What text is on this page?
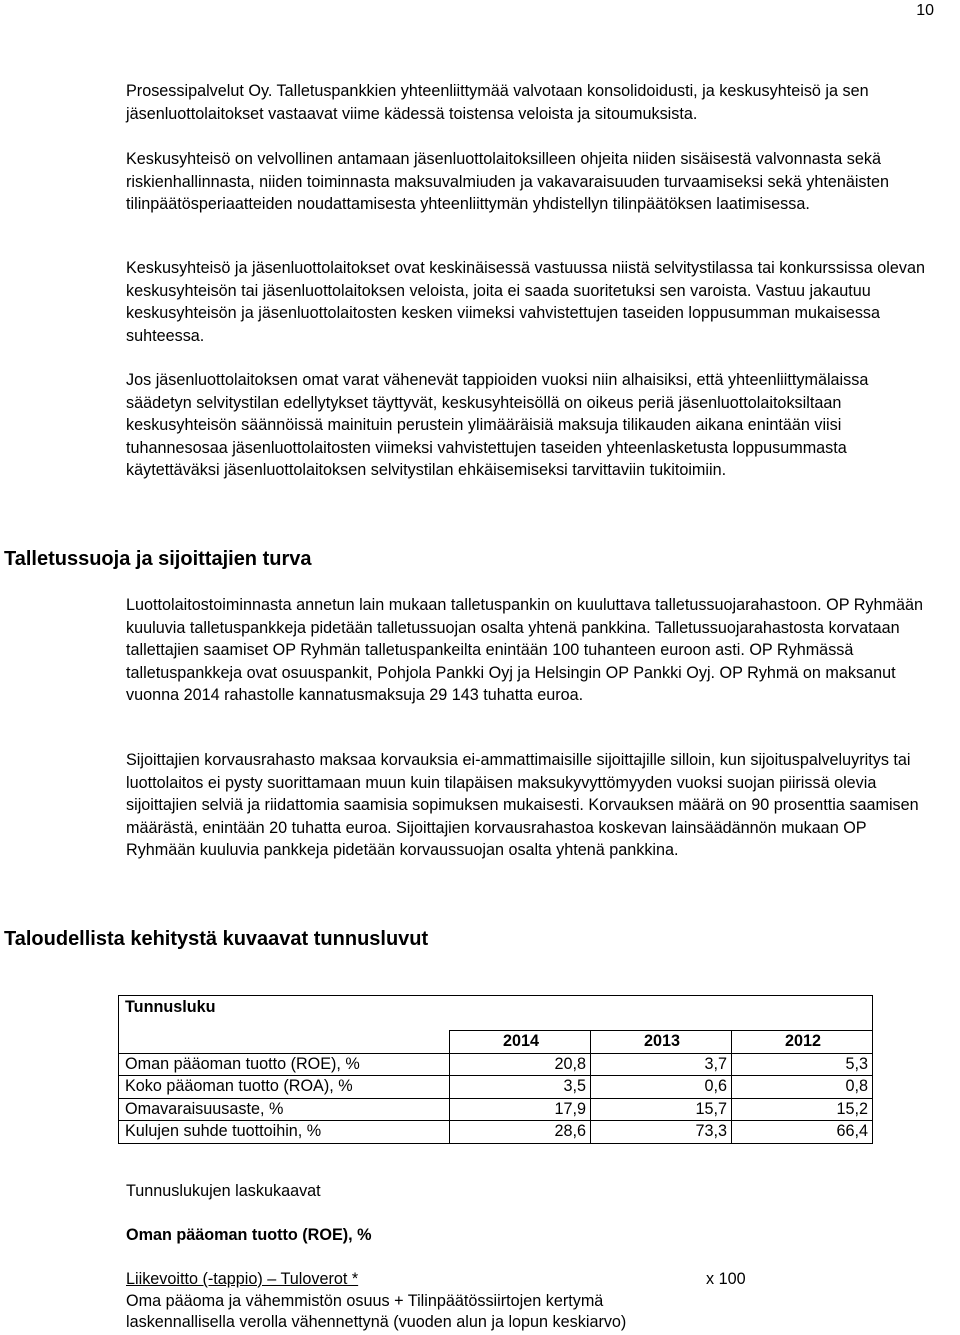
10

Prosessipalvelut Oy. Talletuspankkien yhteenliittymää valvotaan konsolidoidusti, ja keskusyhteisö ja sen jäsenluottolaitokset vastaavat viime kädessä toistensa veloista ja sitoumuksista.

Keskusyhteisö on velvollinen antamaan jäsenluottolaitoksilleen ohjeita niiden sisäisestä valvonnasta sekä riskienhallinnasta, niiden toiminnasta maksuvalmiuden ja vakavaraisuuden turvaamiseksi sekä yhtenäisten tilinpäätösperiaatteiden noudattamisesta yhteenliittymän yhdistellyn tilinpäätöksen laatimisessa.

Keskusyhteisö ja jäsenluottolaitokset ovat keskinäisessä vastuussa niistä selvitystilassa tai konkurssissa olevan keskusyhteisön tai jäsenluottolaitoksen veloista, joita ei saada suoritetuksi sen varoista. Vastuu jakautuu keskusyhteisön ja jäsenluottolaitosten kesken viimeksi vahvistettujen taseiden loppusumman mukaisessa suhteessa.

Jos jäsenluottolaitoksen omat varat vähenevät tappioiden vuoksi niin alhaisiksi, että yhteenliittymälaissa säädetyn selvitystilan edellytykset täyttyvät, keskusyhteisöllä on oikeus periä jäsenluottolaitoksiltaan keskusyhteisön säännöissä mainituin perustein ylimääräisiä maksuja tilikauden aikana enintään viisi tuhannesosaa jäsenluottolaitosten viimeksi vahvistettujen taseiden yhteenlasketusta loppusummasta käytettäväksi jäsenluottolaitoksen selvitystilan ehkäisemiseksi tarvittaviin tukitoimiin.

Talletussuoja ja sijoittajien turva

Luottolaitostoiminnasta annetun lain mukaan talletuspankin on kuuluttava talletussuojarahastoon. OP Ryhmään kuuluvia talletuspankkeja pidetään talletussuojan osalta yhtenä pankkina. Talletussuojarahastosta korvataan tallettajien saamiset OP Ryhmän talletuspankeilta enintään 100 tuhanteen euroon asti. OP Ryhmässä talletuspankkeja ovat osuuspankit, Pohjola Pankki Oyj ja Helsingin OP Pankki Oyj. OP Ryhmä on maksanut vuonna 2014 rahastolle kannatusmaksuja 29 143 tuhatta euroa.

Sijoittajien korvausrahasto maksaa korvauksia ei-ammattimaisille sijoittajille silloin, kun sijoituspalveluyritys tai luottolaitos ei pysty suorittamaan muun kuin tilapäisen maksukyvyttömyyden vuoksi suojan piirissä olevia sijoittajien selviä ja riidattomia saamisia sopimuksen mukaisesti. Korvauksen määrä on 90 prosenttia saamisen määrästä, enintään 20 tuhatta euroa. Sijoittajien korvausrahastoa koskevan lainsäädännön mukaan OP Ryhmään kuuluvia pankkeja pidetään korvaussuojan osalta yhtenä pankkina.

Taloudellista kehitystä kuvaavat tunnusluvut
Tunnusluku			
	2014	2013	2012
Oman pääoman tuotto (ROE), %	20,8	3,7	5,3
Koko pääoman tuotto (ROA), %	3,5	0,6	0,8
Omavaraisuusaste, %	17,9	15,7	15,2
Kulujen suhde tuottoihin, %	28,6	73,3	66,4

Tunnuslukujen laskukaavat

Oman pääoman tuotto (ROE), %

Liikevoitto (-tappio) – Tuloverot *	x 100

Oma pääoma ja vähemmistön osuus + Tilinpäätössiirtojen kertymä

laskennallisella verolla vähennettynä (vuoden alun ja lopun keskiarvo)
